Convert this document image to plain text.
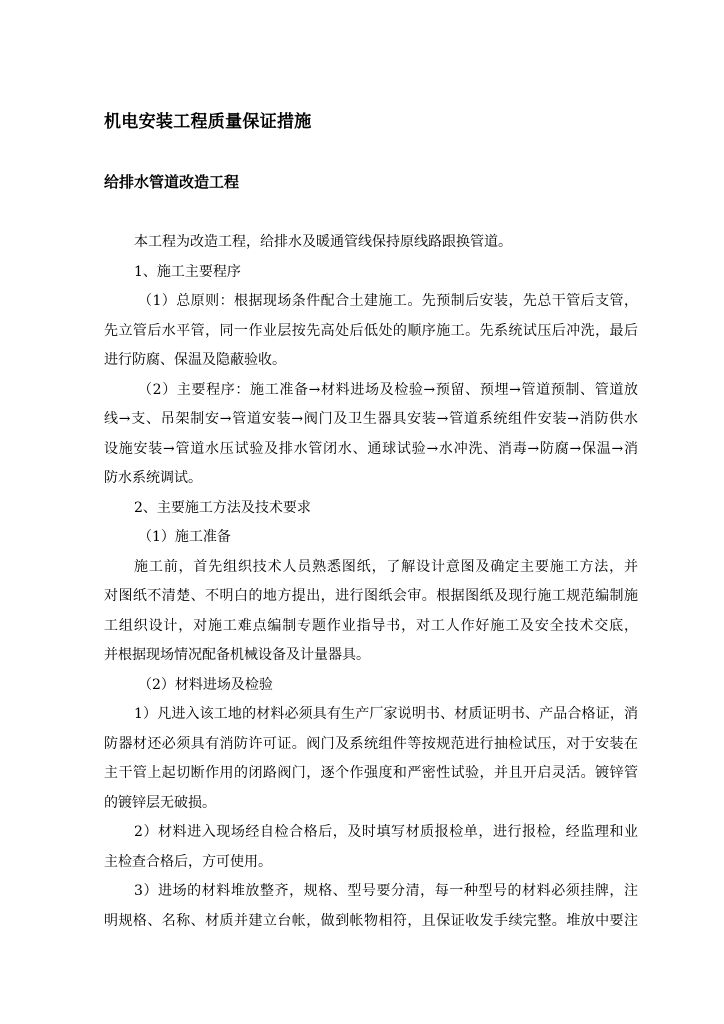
机电安装工程质量保证措施
给排水管道改造工程
本工程为改造工程，给排水及暖通管线保持原线路跟换管道。
1、施工主要程序
（1）总原则：根据现场条件配合土建施工。先预制后安装，先总干管后支管，
先立管后水平管，同一作业层按先高处后低处的顺序施工。先系统试压后冲洗，最后
进行防腐、保温及隐蔽验收。
（2）主要程序：施工准备→材料进场及检验→预留、预埋→管道预制、管道放
线→支、吊架制安→管道安装→阀门及卫生器具安装→管道系统组件安装→消防供水
设施安装→管道水压试验及排水管闭水、通球试验→水冲洗、消毒→防腐→保温→消
防水系统调试。
2、主要施工方法及技术要求
（1）施工准备
施工前，首先组织技术人员熟悉图纸，了解设计意图及确定主要施工方法，并
对图纸不清楚、不明白的地方提出，进行图纸会审。根据图纸及现行施工规范编制施
工组织设计，对施工难点编制专题作业指导书，对工人作好施工及安全技术交底，
并根据现场情况配备机械设备及计量器具。
（2）材料进场及检验
1）凡进入该工地的材料必须具有生产厂家说明书、材质证明书、产品合格证，消
防器材还必须具有消防许可证。阀门及系统组件等按规范进行抽检试压，对于安装在
主干管上起切断作用的闭路阀门，逐个作强度和严密性试验，并且开启灵活。镀锌管
的镀锌层无破损。
2）材料进入现场经自检合格后，及时填写材质报检单，进行报检，经监理和业
主检查合格后，方可使用。
3）进场的材料堆放整齐，规格、型号要分清，每一种型号的材料必须挂牌，注
明规格、名称、材质并建立台帐，做到帐物相符，且保证收发手续完整。堆放中要注
